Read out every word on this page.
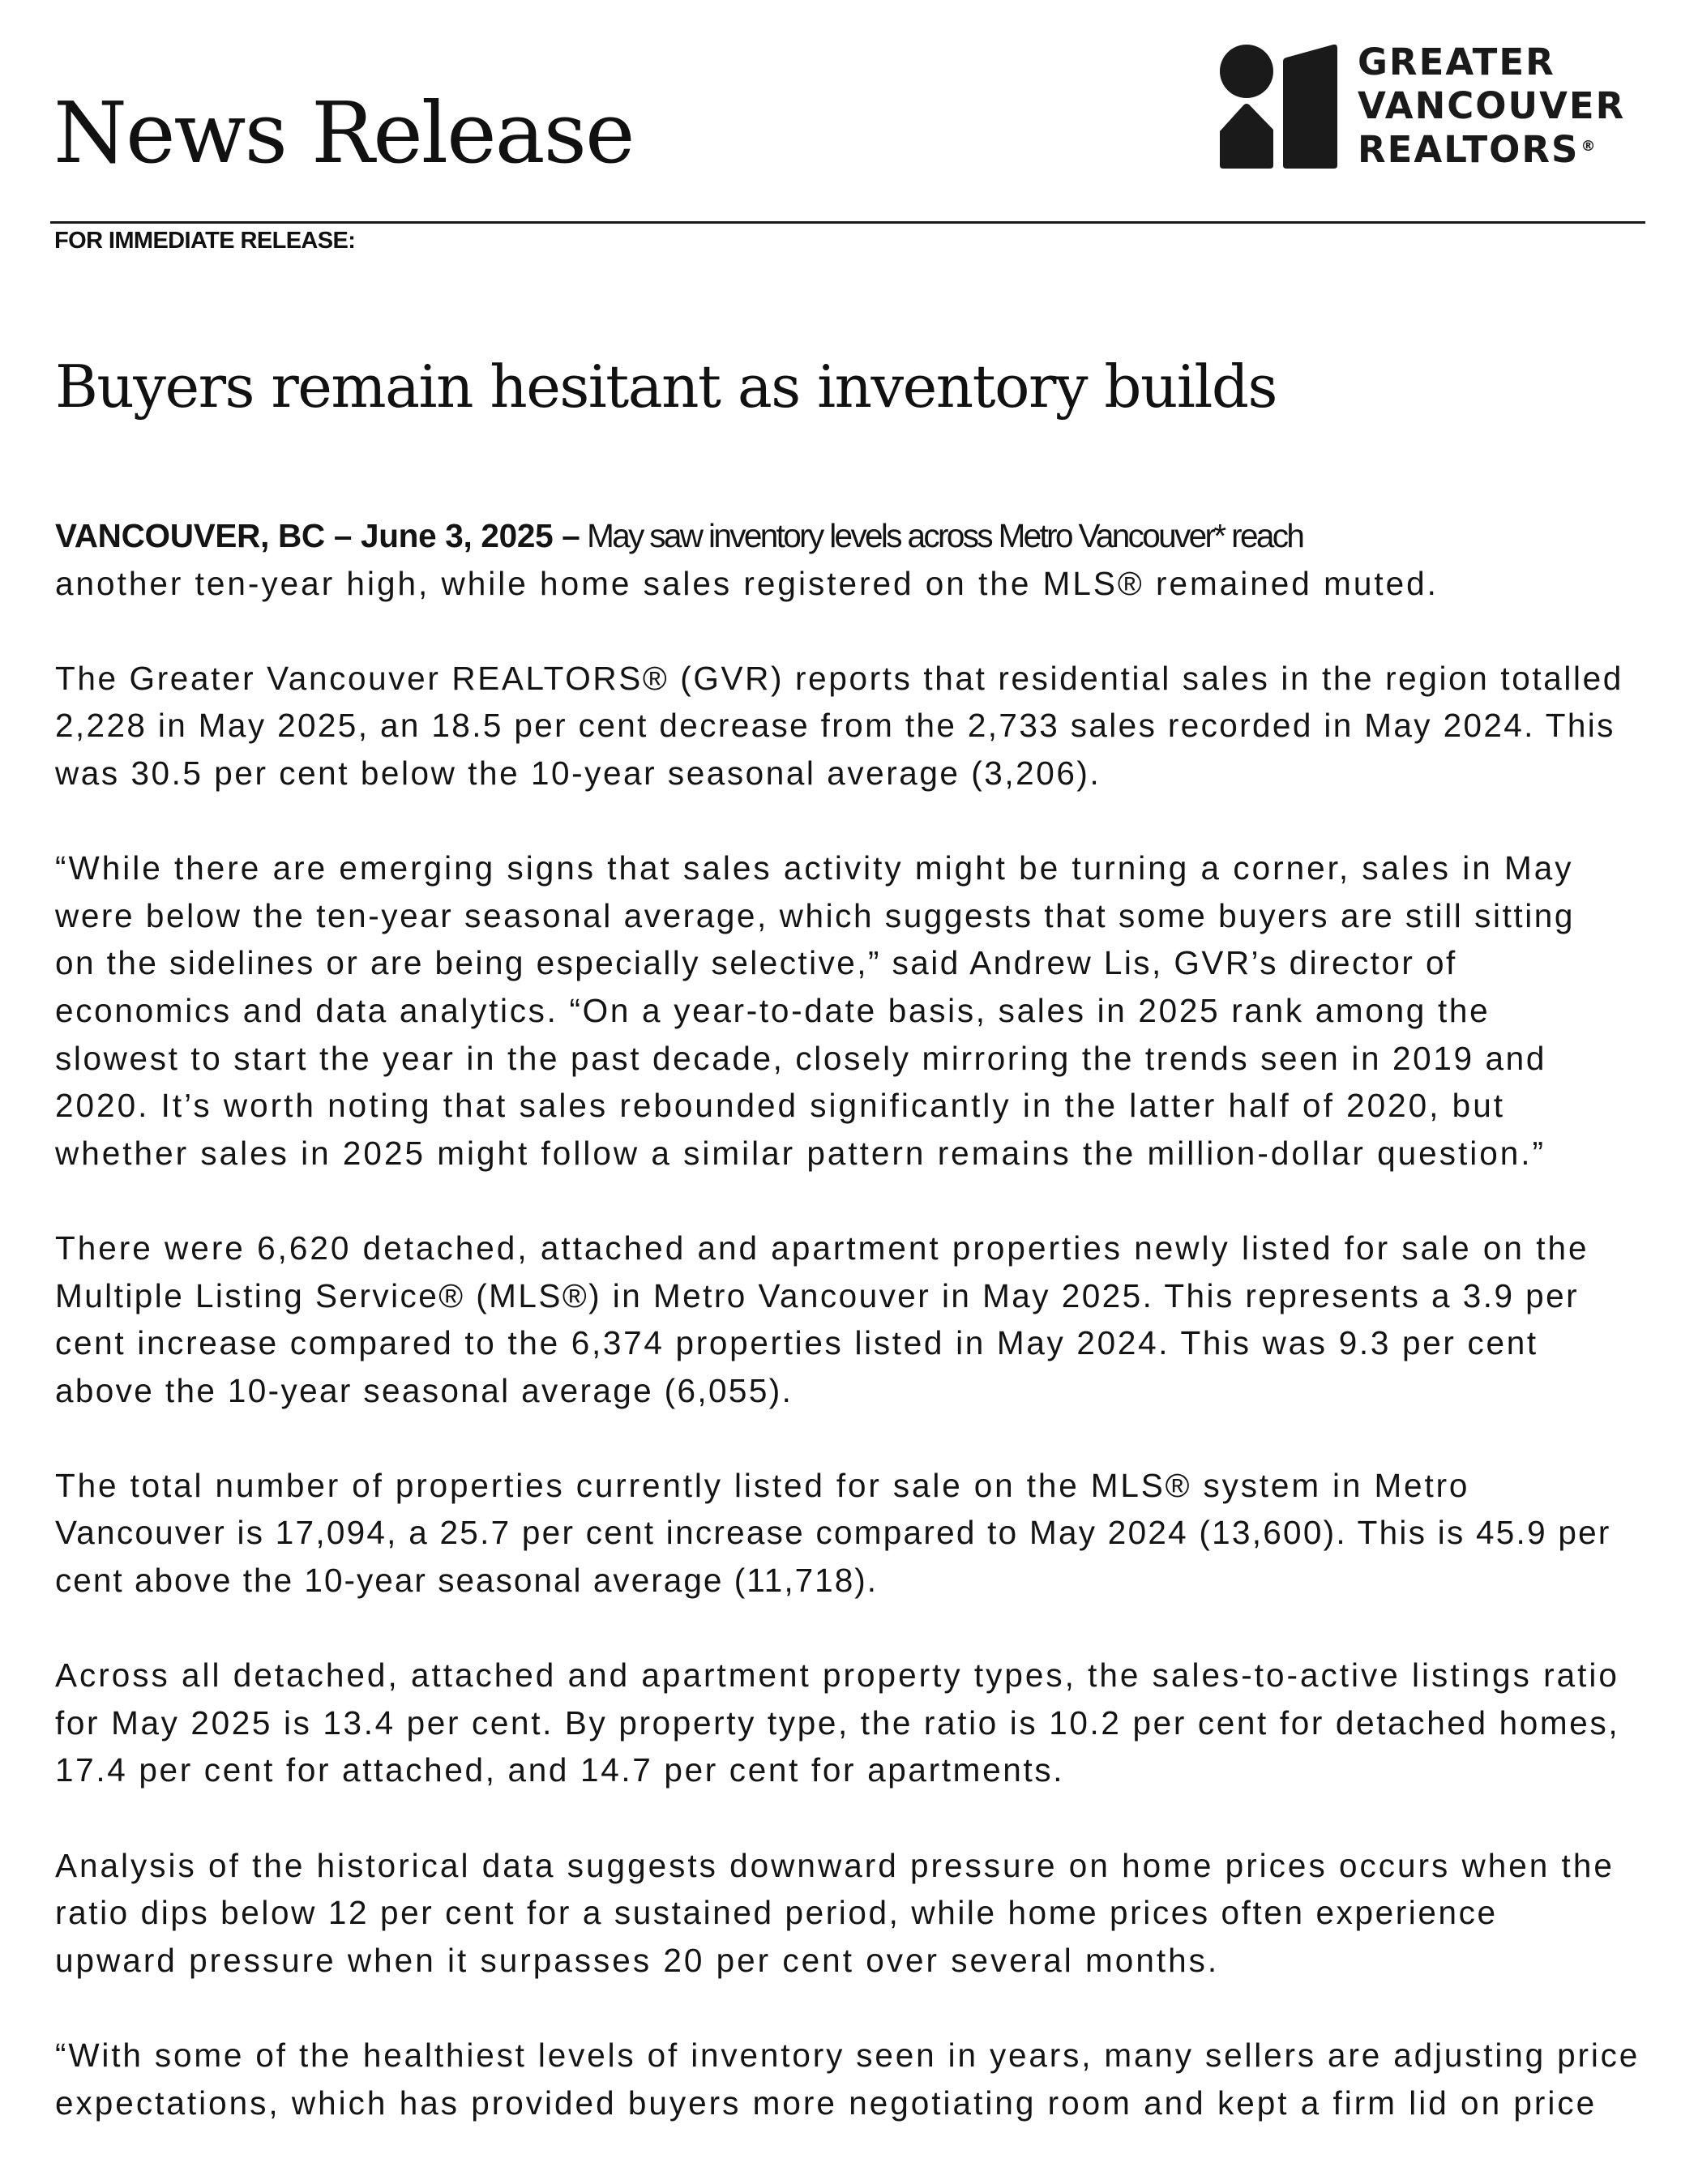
News Release
GREATER
VANCOUVER
REALTORS ®
FOR IMMEDIATE RELEASE:
Buyers remain hesitant as inventory builds

VANCOUVER, BC – June 3, 2025 – May saw inventory levels across Metro Vancouver* reach
another ten-year high, while home sales registered on the MLS® remained muted.

The Greater Vancouver REALTORS® (GVR) reports that residential sales in the region totalled
2,228 in May 2025, an 18.5 per cent decrease from the 2,733 sales recorded in May 2024. This
was 30.5 per cent below the 10-year seasonal average (3,206).

“While there are emerging signs that sales activity might be turning a corner, sales in May
were below the ten-year seasonal average, which suggests that some buyers are still sitting
on the sidelines or are being especially selective,” said Andrew Lis, GVR’s director of
economics and data analytics. “On a year-to-date basis, sales in 2025 rank among the
slowest to start the year in the past decade, closely mirroring the trends seen in 2019 and
2020. It’s worth noting that sales rebounded significantly in the latter half of 2020, but
whether sales in 2025 might follow a similar pattern remains the million-dollar question.”

There were 6,620 detached, attached and apartment properties newly listed for sale on the
Multiple Listing Service® (MLS®) in Metro Vancouver in May 2025. This represents a 3.9 per
cent increase compared to the 6,374 properties listed in May 2024. This was 9.3 per cent
above the 10-year seasonal average (6,055).

The total number of properties currently listed for sale on the MLS® system in Metro
Vancouver is 17,094, a 25.7 per cent increase compared to May 2024 (13,600). This is 45.9 per
cent above the 10-year seasonal average (11,718).

Across all detached, attached and apartment property types, the sales-to-active listings ratio
for May 2025 is 13.4 per cent. By property type, the ratio is 10.2 per cent for detached homes,
17.4 per cent for attached, and 14.7 per cent for apartments.

Analysis of the historical data suggests downward pressure on home prices occurs when the
ratio dips below 12 per cent for a sustained period, while home prices often experience
upward pressure when it surpasses 20 per cent over several months.

“With some of the healthiest levels of inventory seen in years, many sellers are adjusting price
expectations, which has provided buyers more negotiating room and kept a firm lid on price
